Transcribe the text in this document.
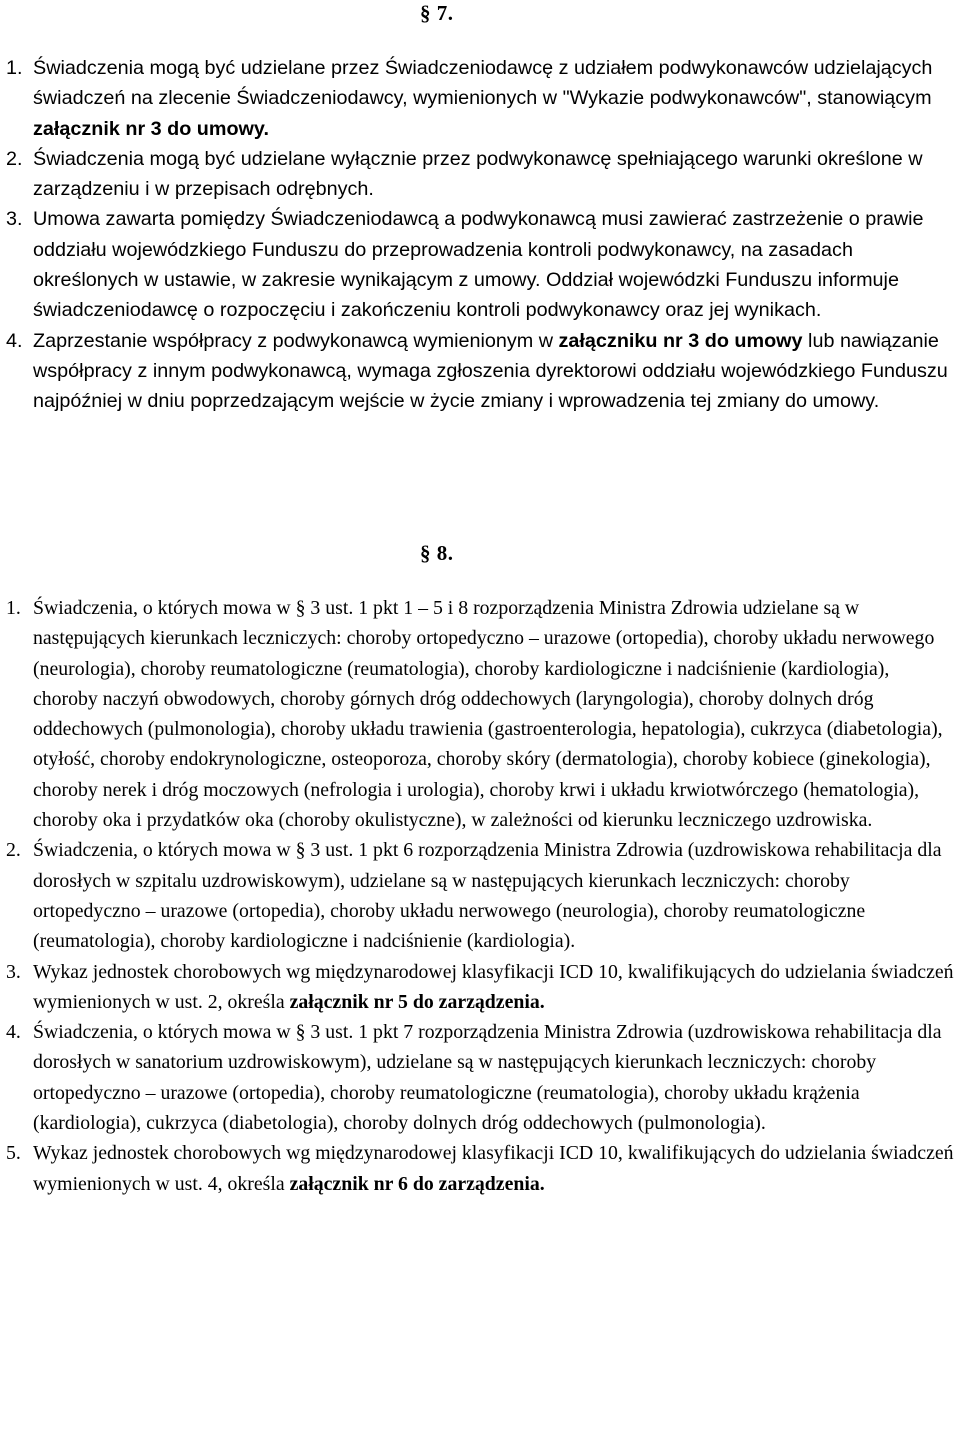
§ 7.
1. Świadczenia mogą być udzielane przez Świadczeniodawcę z udziałem podwykonawców udzielających świadczeń na zlecenie Świadczeniodawcy, wymienionych w "Wykazie podwykonawców", stanowiącym załącznik nr 3 do umowy.
2. Świadczenia mogą być udzielane wyłącznie przez podwykonawcę spełniającego warunki określone w zarządzeniu i w przepisach odrębnych.
3. Umowa zawarta pomiędzy Świadczeniodawcą a podwykonawcą musi zawierać zastrzeżenie o prawie oddziału wojewódzkiego Funduszu do przeprowadzenia kontroli podwykonawcy, na zasadach określonych w ustawie, w zakresie wynikającym z umowy. Oddział wojewódzki Funduszu informuje świadczeniodawcę o rozpoczęciu i zakończeniu kontroli podwykonawcy oraz jej wynikach.
4. Zaprzestanie współpracy z podwykonawcą wymienionym w załączniku nr 3 do umowy lub nawiązanie współpracy z innym podwykonawcą, wymaga zgłoszenia dyrektorowi oddziału wojewódzkiego Funduszu najpóźniej w dniu poprzedzającym wejście w życie zmiany i wprowadzenia tej zmiany do umowy.
§ 8.
1. Świadczenia, o których mowa w § 3 ust. 1 pkt 1 – 5 i 8 rozporządzenia Ministra Zdrowia udzielane są w następujących kierunkach leczniczych: choroby ortopedyczno – urazowe (ortopedia), choroby układu nerwowego (neurologia), choroby reumatologiczne (reumatologia), choroby kardiologiczne i nadciśnienie (kardiologia), choroby naczyń obwodowych, choroby górnych dróg oddechowych (laryngologia), choroby dolnych dróg oddechowych (pulmonologia), choroby układu trawienia (gastroenterologia, hepatologia), cukrzyca (diabetologia), otyłość, choroby endokrynologiczne, osteoporoza, choroby skóry (dermatologia), choroby kobiece (ginekologia), choroby nerek i dróg moczowych (nefrologia i urologia), choroby krwi i układu krwiotwórczego (hematologia), choroby oka i przydatków oka (choroby okulistyczne), w zależności od kierunku leczniczego uzdrowiska.
2. Świadczenia, o których mowa w § 3 ust. 1 pkt 6 rozporządzenia Ministra Zdrowia (uzdrowiskowa rehabilitacja dla dorosłych w szpitalu uzdrowiskowym), udzielane są w następujących kierunkach leczniczych: choroby ortopedyczno – urazowe (ortopedia), choroby układu nerwowego (neurologia), choroby reumatologiczne (reumatologia), choroby kardiologiczne i nadciśnienie (kardiologia).
3. Wykaz jednostek chorobowych wg międzynarodowej klasyfikacji ICD 10, kwalifikujących do udzielania świadczeń wymienionych w ust. 2, określa załącznik nr 5 do zarządzenia.
4. Świadczenia, o których mowa w § 3 ust. 1 pkt 7 rozporządzenia Ministra Zdrowia (uzdrowiskowa rehabilitacja dla dorosłych w sanatorium uzdrowiskowym), udzielane są w następujących kierunkach leczniczych: choroby ortopedyczno – urazowe (ortopedia), choroby reumatologiczne (reumatologia), choroby układu krążenia (kardiologia), cukrzyca (diabetologia), choroby dolnych dróg oddechowych (pulmonologia).
5. Wykaz jednostek chorobowych wg międzynarodowej klasyfikacji ICD 10, kwalifikujących do udzielania świadczeń wymienionych w ust. 4, określa załącznik nr 6 do zarządzenia.
